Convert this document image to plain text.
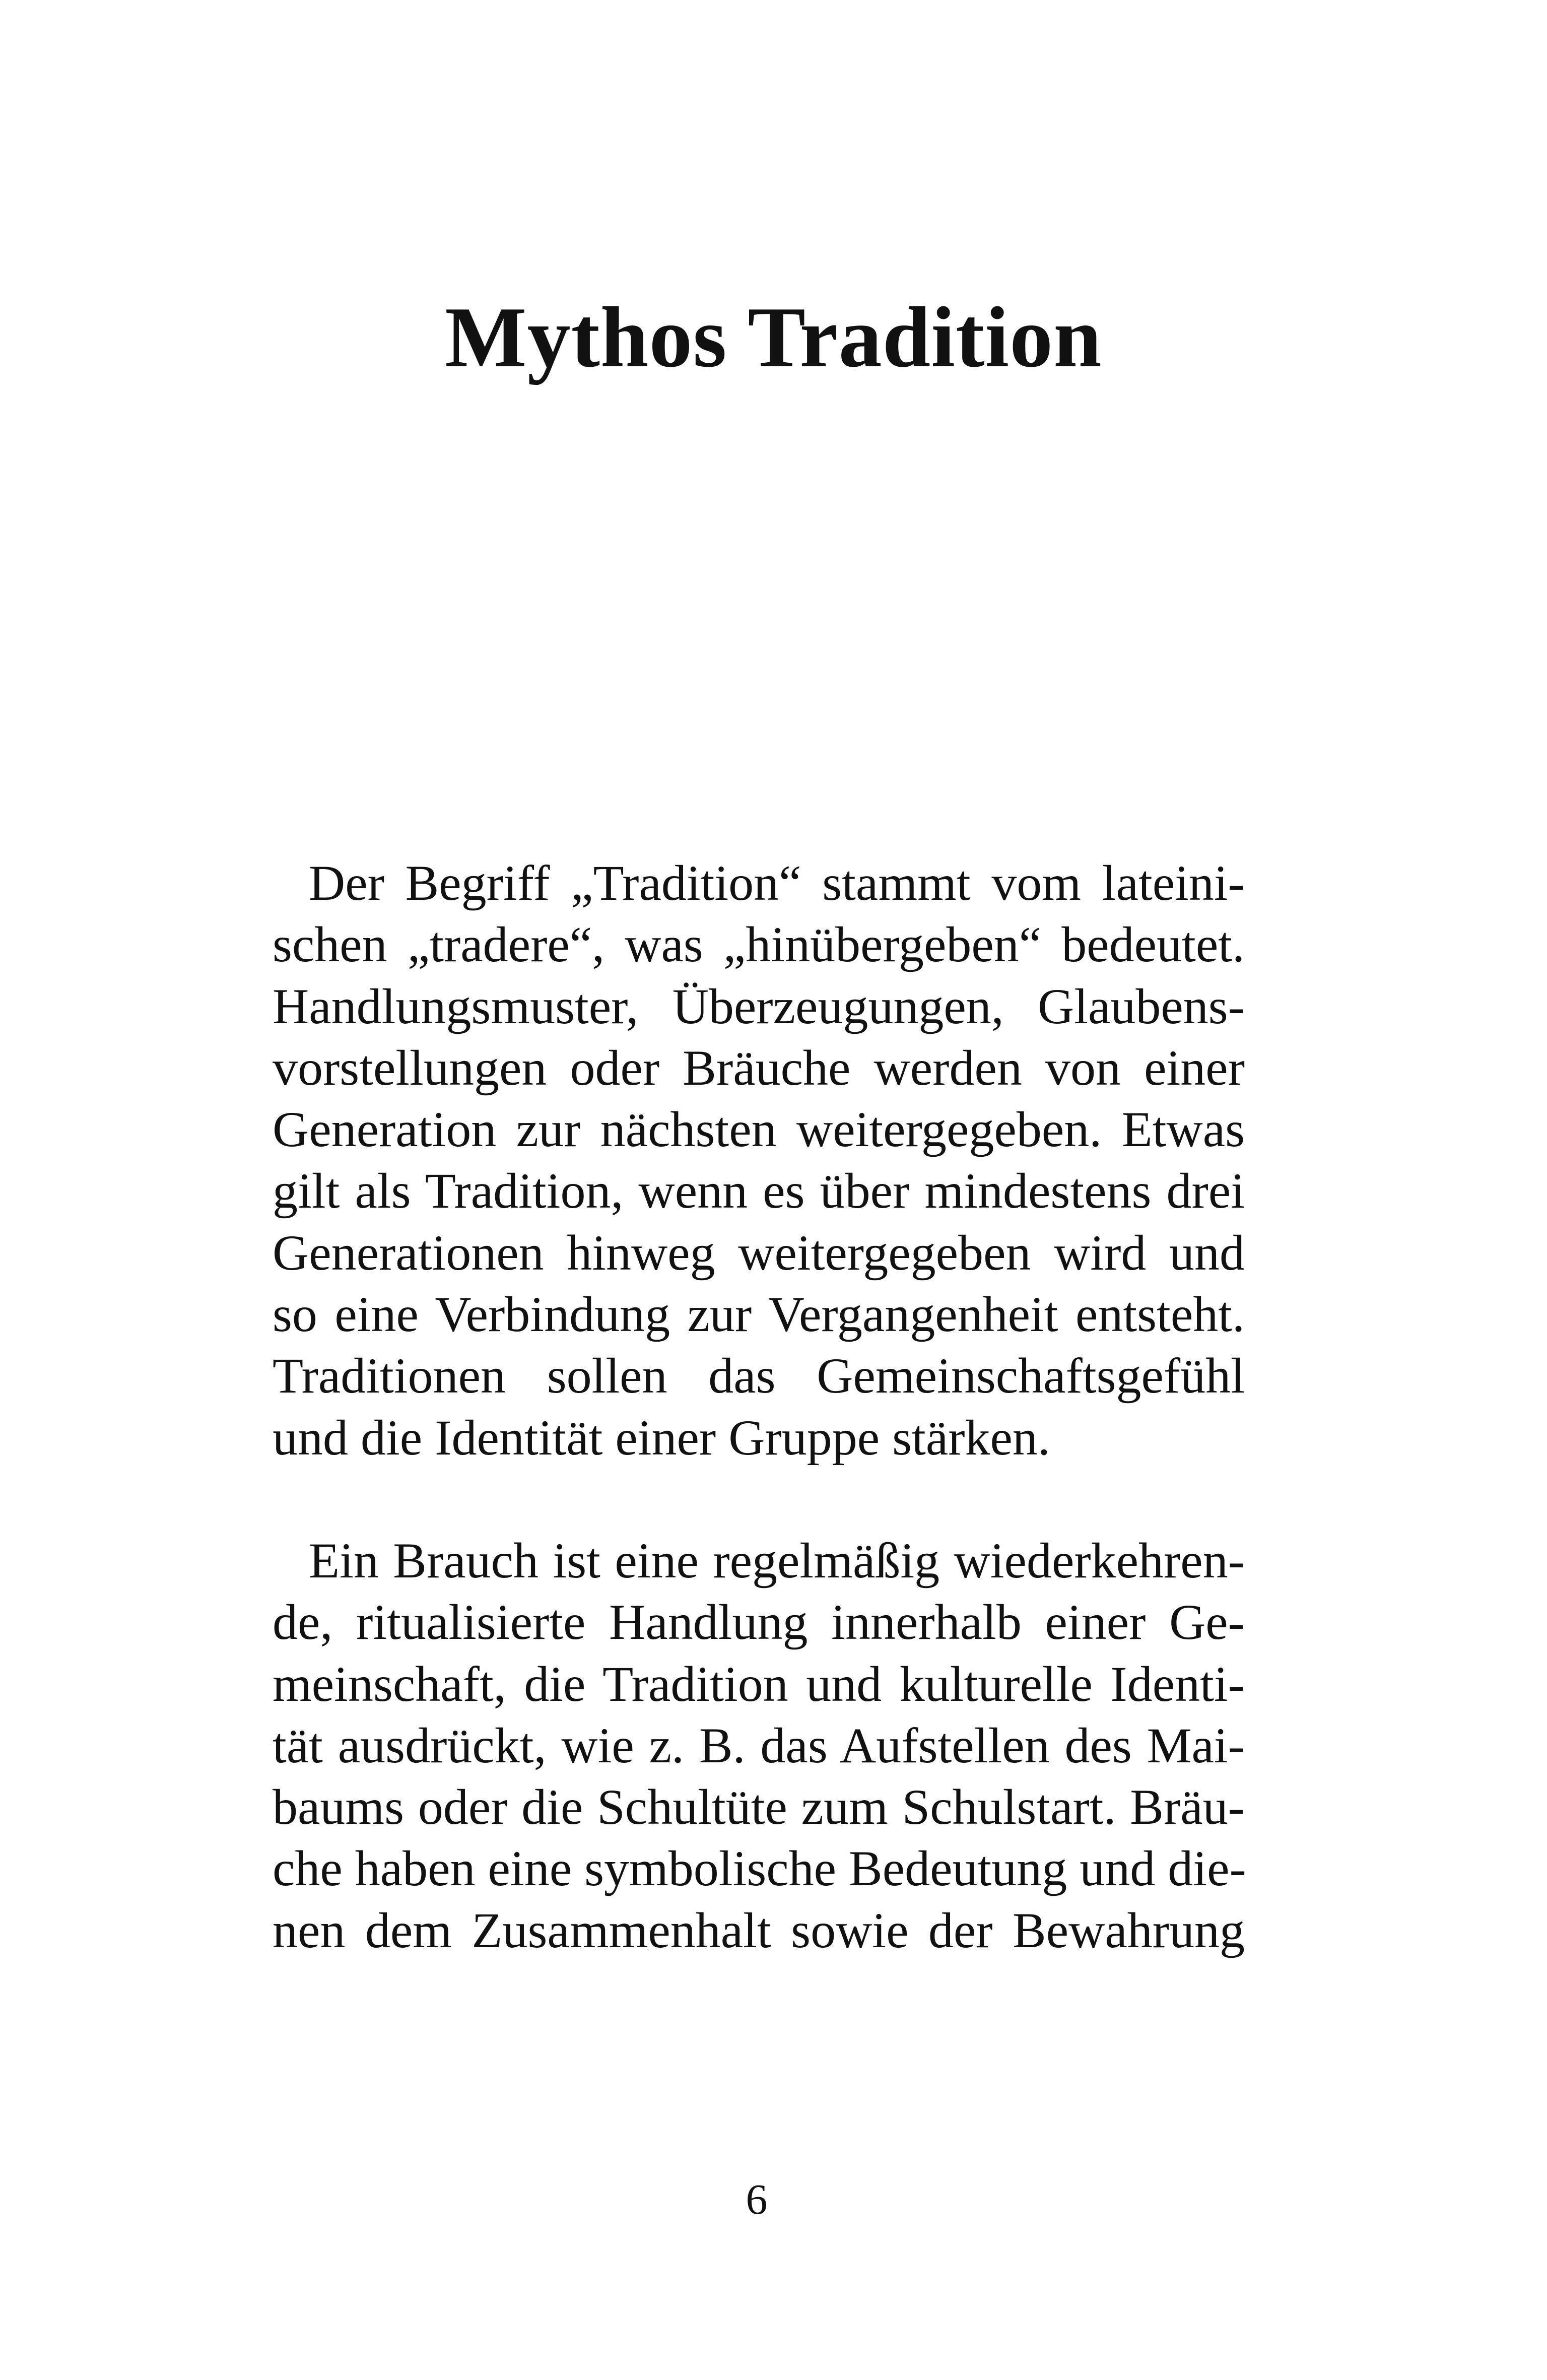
Mythos Tradition

Der Begriff „Tradition“ stammt vom lateini-
schen „tradere“, was „hinübergeben“ bedeutet.
Handlungsmuster, Überzeugungen, Glaubens-
vorstellungen oder Bräuche werden von einer
Generation zur nächsten weitergegeben. Etwas
gilt als Tradition, wenn es über mindestens drei
Generationen hinweg weitergegeben wird und
so eine Verbindung zur Vergangenheit entsteht.
Traditionen sollen das Gemeinschaftsgefühl
und die Identität einer Gruppe stärken.

Ein Brauch ist eine regelmäßig wiederkehren-
de, ritualisierte Handlung innerhalb einer Ge-
meinschaft, die Tradition und kulturelle Identi-
tät ausdrückt, wie z. B. das Aufstellen des Mai-
baums oder die Schultüte zum Schulstart. Bräu-
che haben eine symbolische Bedeutung und die-
nen dem Zusammenhalt sowie der Bewahrung

6
